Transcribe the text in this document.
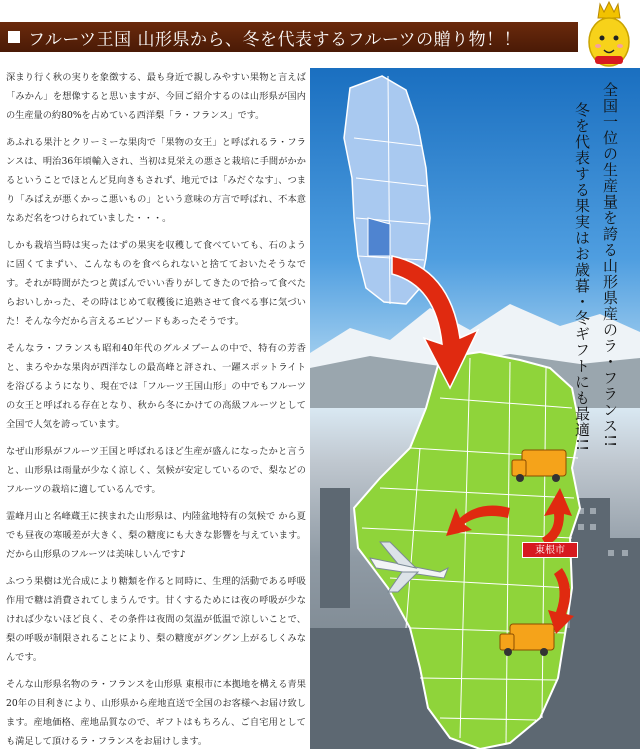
フルーツ王国 山形県から、冬を代表するフルーツの贈り物！！

深まり行く秋の実りを象徴する、最も身近で親しみやすい果物と言えば「みかん」を想像すると思いますが、今回ご紹介するのは山形県が国内の生産量の約80%を占めている西洋梨「ラ・フランス」です。

あふれる果汁とクリーミーな果肉で「果物の女王」と呼ばれるラ・フランスは、明治36年頃輸入され、当初は見栄えの悪さと栽培に手間がかかるということでほとんど見向きもされず、地元では「みだぐなす」、つまり「みばえが悪くかっこ悪いもの」という意味の方言で呼ばれ、不本意なあだ名をつけられていました・・・。

しかも栽培当時は実ったはずの果実を収穫して食べていても、石のように固くてまずい、こんなものを食べられないと捨てておいたそうなです。それが時間がたつと黄ばんでいい香りがしてきたので拾って食べたらおいしかった、その時はじめて収穫後に追熟させて食べる事に気づいた！そんな今だから言えるエピソードもあったそうです。

そんなラ・フランスも昭和40年代のグルメブームの中で、特有の芳香と、まろやかな果肉が西洋なしの最高峰と評され、一躍スポットライトを浴びるようになり、現在では「フルーツ王国山形」の中でもフルーツの女王と呼ばれる存在となり、秋から冬にかけての高級フルーツとして全国で人気を誇っています。

なぜ山形県がフルーツ王国と呼ばれるほど生産が盛んになったかと言うと、山形県は雨量が少なく涼しく、気候が安定しているので、梨などのフルーツの栽培に適しているんです。

霊峰月山と名峰蔵王に挟まれた山形県は、内陸盆地特有の気候で から夏でも昼夜の寒暖差が大きく、梨の糖度にも大きな影響を与えています。だから山形県のフルーツは美味しいんです♪

ふつう果樹は光合成により糖類を作ると同時に、生理的活動である呼吸作用で糖は消費されてしまうんです。甘くするためには夜の呼吸が少なければ少ないほど良く、その条件は夜間の気温が低温で涼しいことで、梨の呼吸が制限されることにより、梨の糖度がグングン上がるしくみなんです。

そんな山形県名物のラ・フランスを山形県 東根市に本拠地を構える青果20年の目利きにより、山形県から産地直送で全国のお客様へお届け致します。産地価格、産地品質なので、ギフトはもちろん、ご自宅用としても満足して頂けるラ・フランスをお届けします。

全国一位の生産量を誇る山形県産のラ・フランス!!
冬を代表する果実はお歳暮・冬ギフトにも最適!!
東根市
